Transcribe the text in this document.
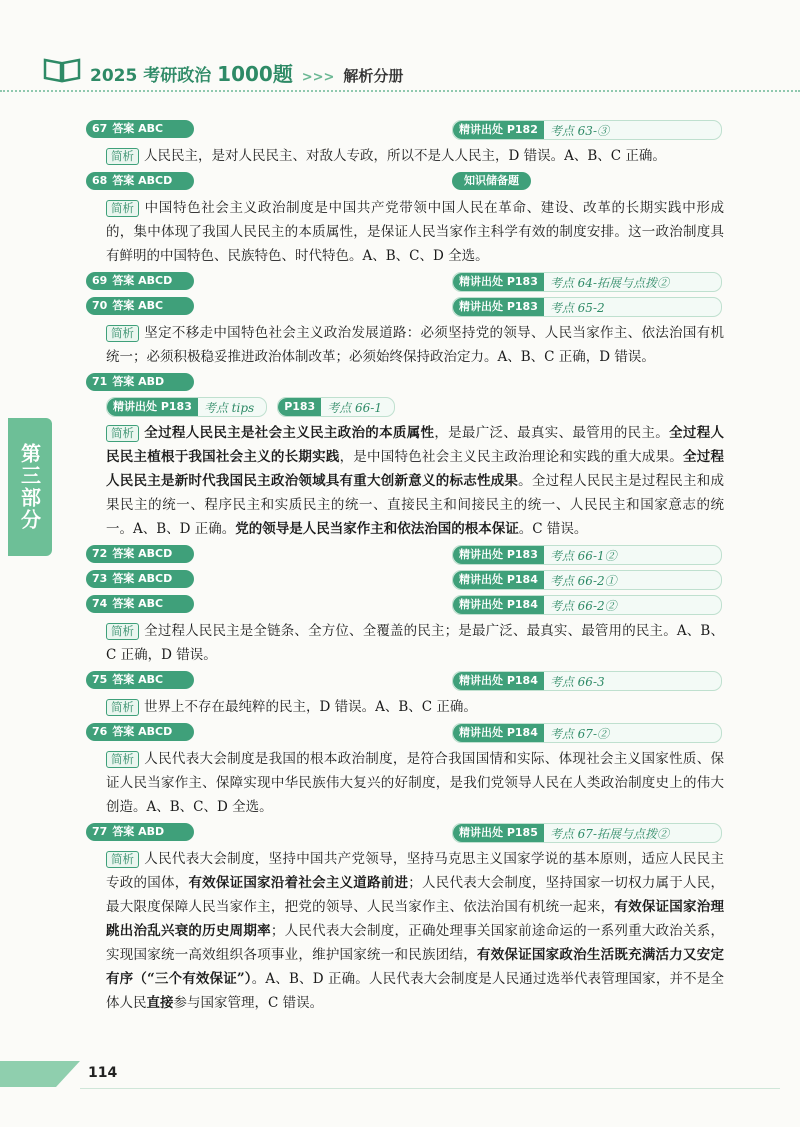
2025 考研政治 1000题 >>> 解析分册
第三部分
67 答案 ABC	精讲出处 P182	考点 63-③
简析 人民民主，是对人民民主、对敌人专政，所以不是人人民主，D 错误。A、B、C 正确。
68 答案 ABCD	知识储备题
简析 中国特色社会主义政治制度是中国共产党带领中国人民在革命、建设、改革的长期实践中形成的，集中体现了我国人民民主的本质属性，是保证人民当家作主科学有效的制度安排。这一政治制度具有鲜明的中国特色、民族特色、时代特色。A、B、C、D 全选。
69 答案 ABCD	精讲出处 P183	考点 64-拓展与点拨②
70 答案 ABC	精讲出处 P183	考点 65-2
简析 坚定不移走中国特色社会主义政治发展道路：必须坚持党的领导、人民当家作主、依法治国有机统一；必须积极稳妥推进政治体制改革；必须始终保持政治定力。A、B、C 正确，D 错误。
71 答案 ABD
精讲出处 P183	考点 tips	P183	考点 66-1
简析 全过程人民民主是社会主义民主政治的本质属性，是最广泛、最真实、最管用的民主。全过程人民民主植根于我国社会主义的长期实践，是中国特色社会主义民主政治理论和实践的重大成果。全过程人民民主是新时代我国民主政治领域具有重大创新意义的标志性成果。全过程人民民主是过程民主和成果民主的统一、程序民主和实质民主的统一、直接民主和间接民主的统一、人民民主和国家意志的统一。A、B、D 正确。党的领导是人民当家作主和依法治国的根本保证。C 错误。
72 答案 ABCD	精讲出处 P183	考点 66-1②
73 答案 ABCD	精讲出处 P184	考点 66-2①
74 答案 ABC	精讲出处 P184	考点 66-2②
简析 全过程人民民主是全链条、全方位、全覆盖的民主；是最广泛、最真实、最管用的民主。A、B、C 正确，D 错误。
75 答案 ABC	精讲出处 P184	考点 66-3
简析 世界上不存在最纯粹的民主，D 错误。A、B、C 正确。
76 答案 ABCD	精讲出处 P184	考点 67-②
简析 人民代表大会制度是我国的根本政治制度，是符合我国国情和实际、体现社会主义国家性质、保证人民当家作主、保障实现中华民族伟大复兴的好制度，是我们党领导人民在人类政治制度史上的伟大创造。A、B、C、D 全选。
77 答案 ABD	精讲出处 P185	考点 67-拓展与点拨②
简析 人民代表大会制度，坚持中国共产党领导，坚持马克思主义国家学说的基本原则，适应人民民主专政的国体，有效保证国家沿着社会主义道路前进；人民代表大会制度，坚持国家一切权力属于人民，最大限度保障人民当家作主，把党的领导、人民当家作主、依法治国有机统一起来，有效保证国家治理跳出治乱兴衰的历史周期率；人民代表大会制度，正确处理事关国家前途命运的一系列重大政治关系，实现国家统一高效组织各项事业，维护国家统一和民族团结，有效保证国家政治生活既充满活力又安定有序（“三个有效保证”）。A、B、D 正确。人民代表大会制度是人民通过选举代表管理国家，并不是全体人民直接参与国家管理，C 错误。
114
